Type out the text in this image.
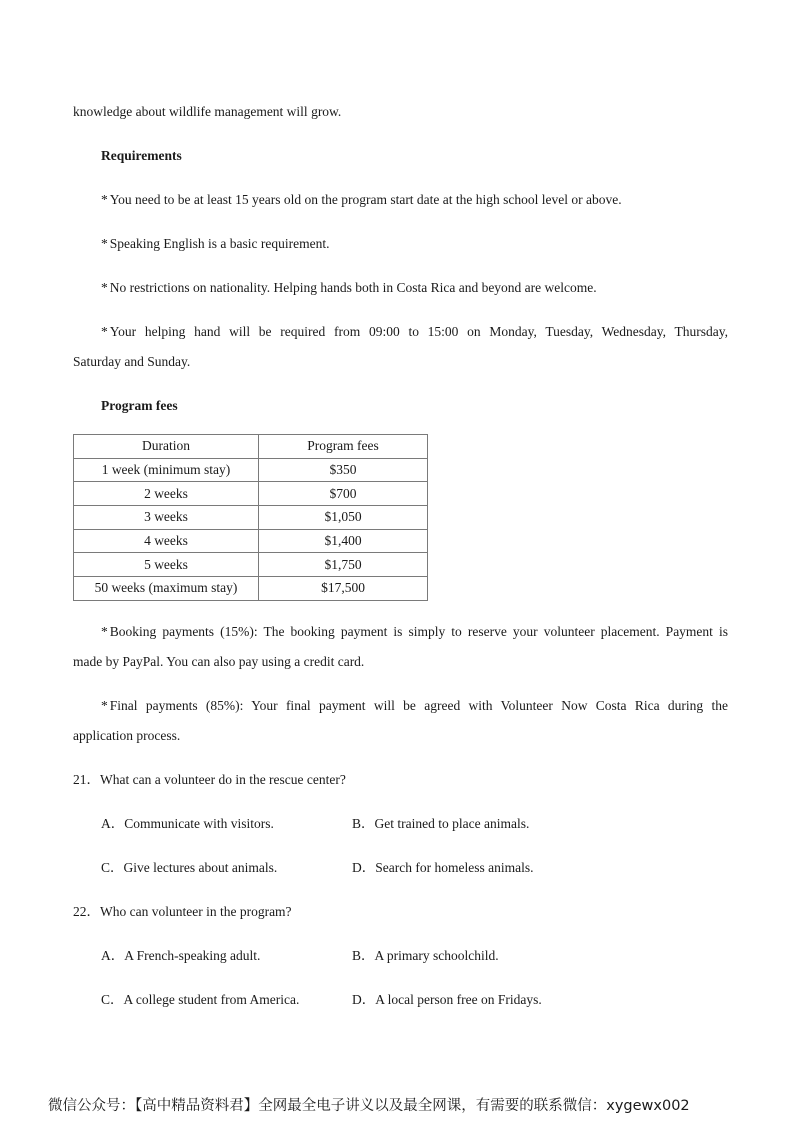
knowledge about wildlife management will grow.
Requirements
* You need to be at least 15 years old on the program start date at the high school level or above.
* Speaking English is a basic requirement.
* No restrictions on nationality. Helping hands both in Costa Rica and beyond are welcome.
* Your helping hand will be required from 09:00 to 15:00 on Monday, Tuesday, Wednesday, Thursday,
Saturday and Sunday.
Program fees
Duration	Program fees
1 week (minimum stay)	$350
2 weeks	$700
3 weeks	$1,050
4 weeks	$1,400
5 weeks	$1,750
50 weeks (maximum stay)	$17,500
* Booking payments (15%): The booking payment is simply to reserve your volunteer placement. Payment is
made by PayPal. You can also pay using a credit card.
* Final payments (85%): Your final payment will be agreed with Volunteer Now Costa Rica during the
application process.
21．What can a volunteer do in the rescue center?
A．Communicate with visitors.	B．Get trained to place animals.
C．Give lectures about animals.	D．Search for homeless animals.
22．Who can volunteer in the program?
A．A French-speaking adult.	B．A primary schoolchild.
C．A college student from America.	D．A local person free on Fridays.
微信公众号：【高中精品资料君】全网最全电子讲义以及最全网课，有需要的联系微信：xygewx002
